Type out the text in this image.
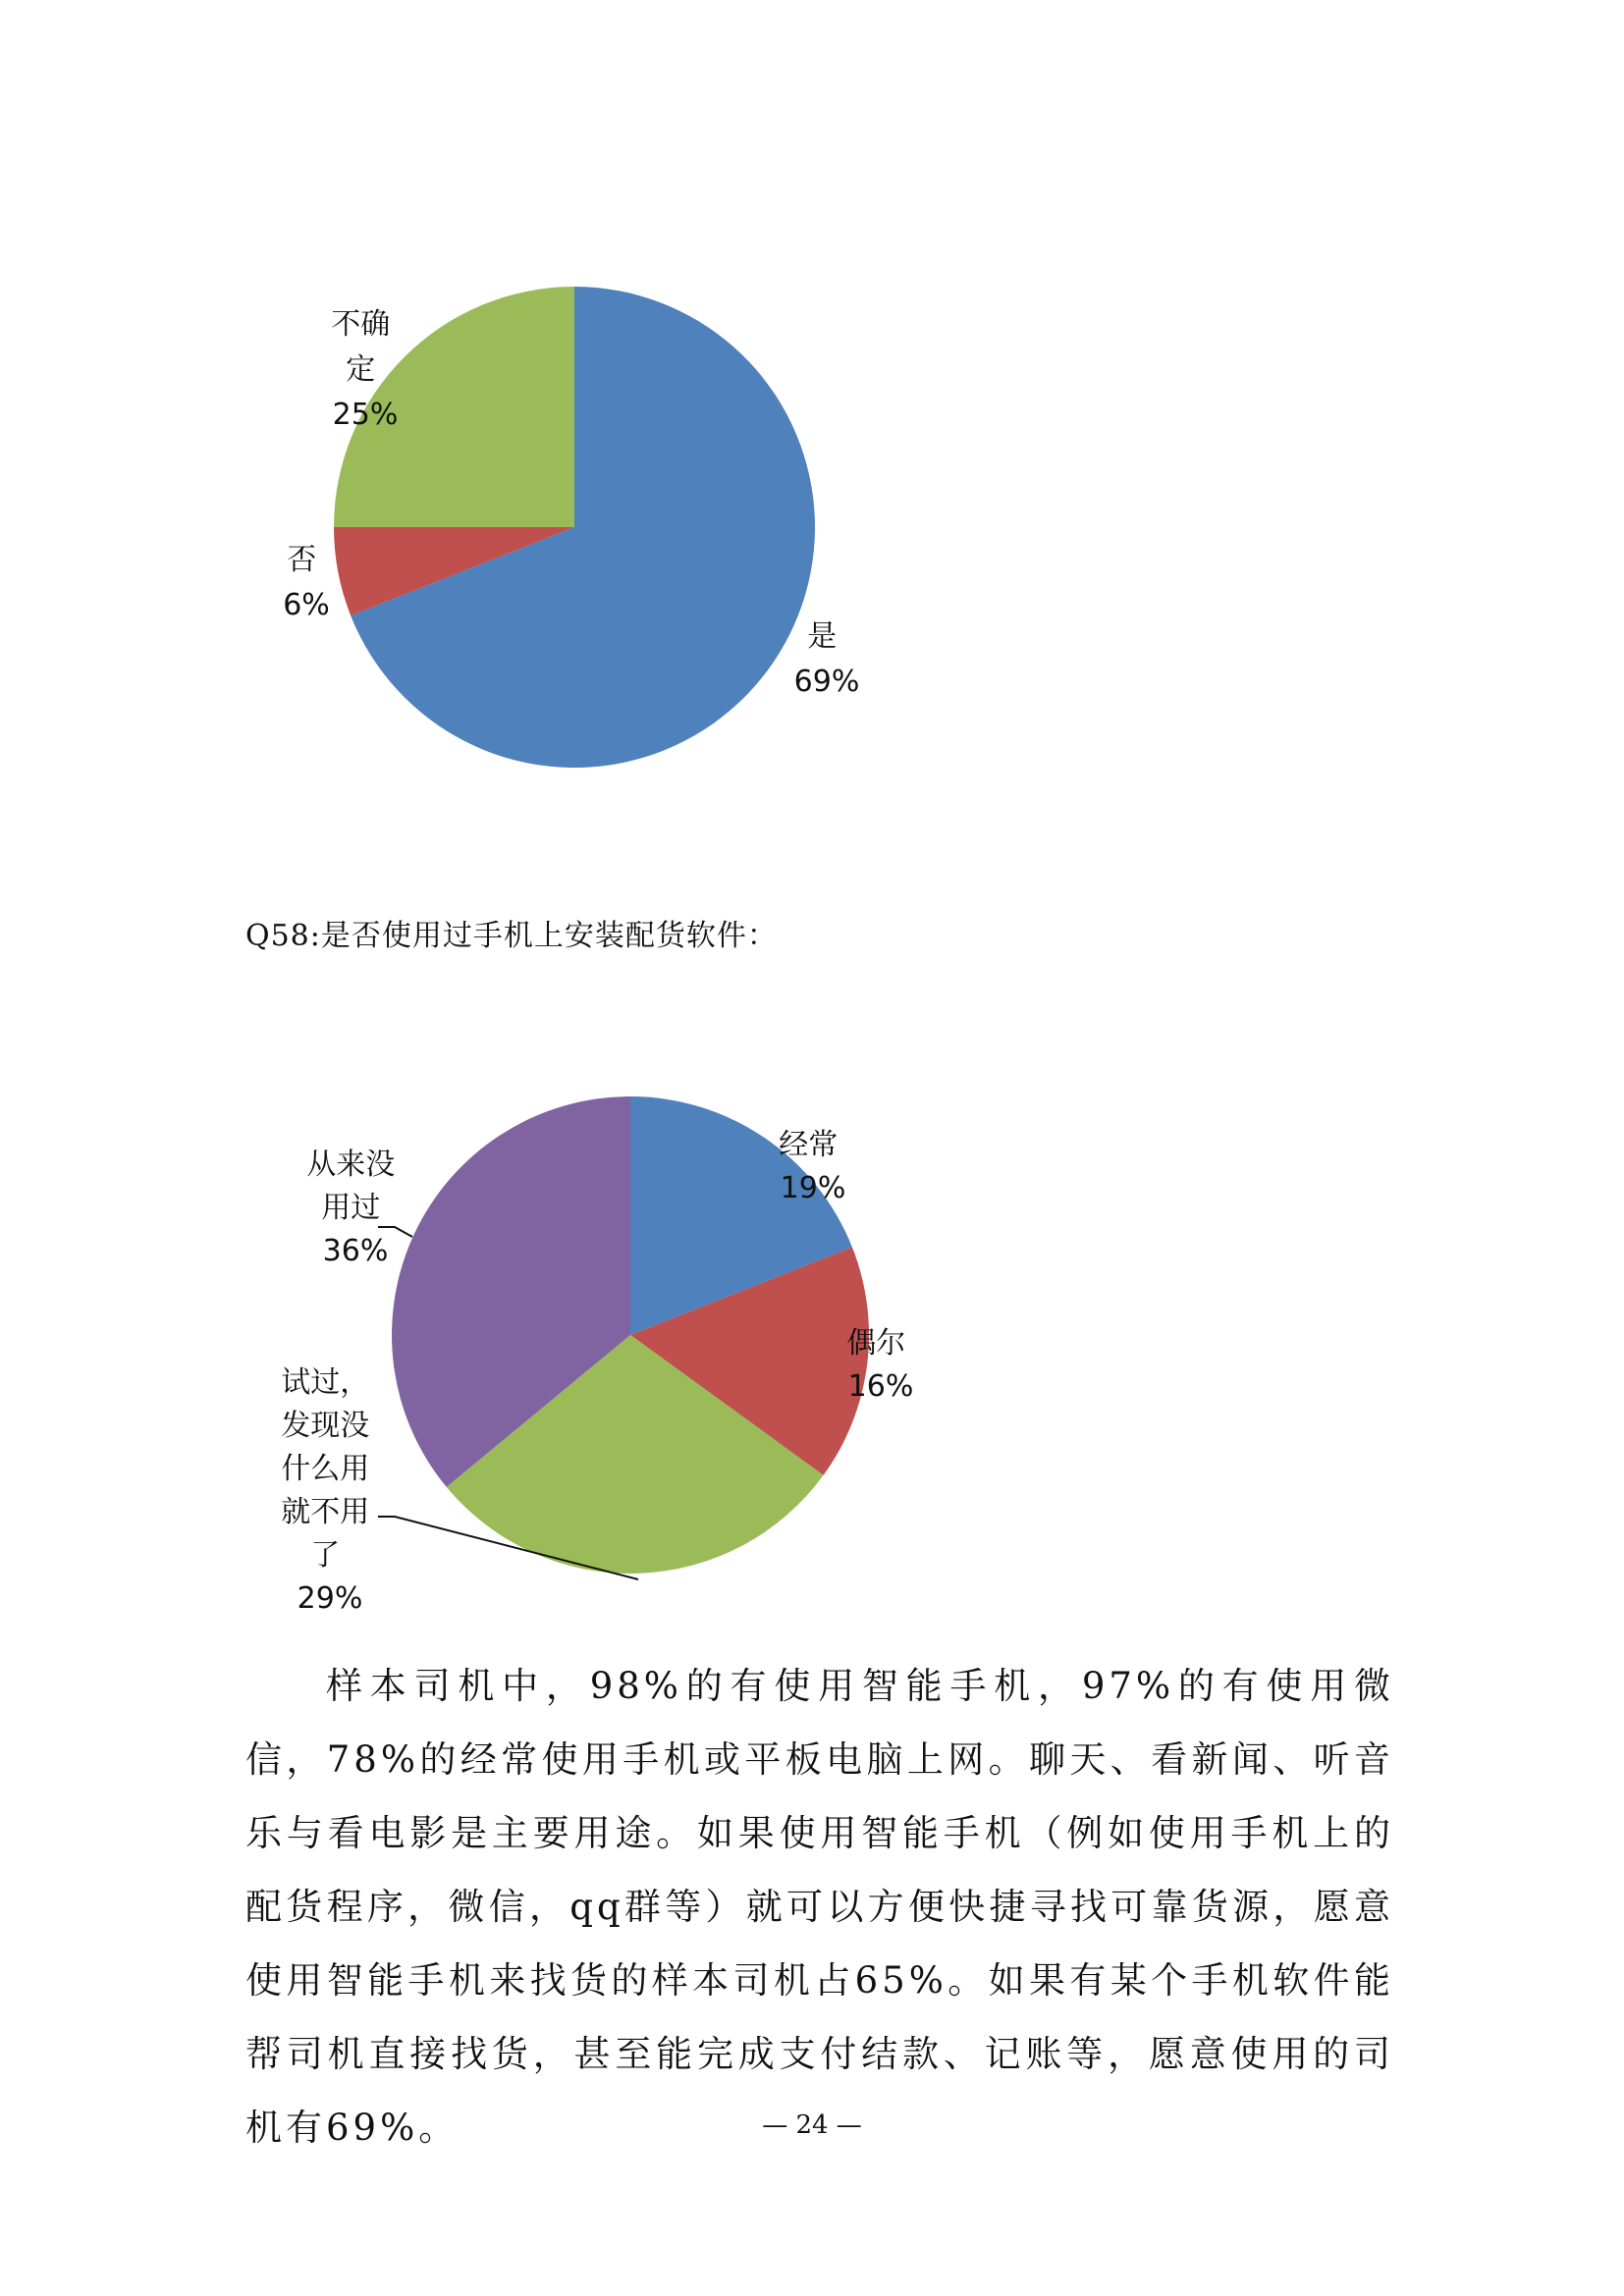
是 69%
否 6%
不确 定 25%
经常 19%
偶尔 16%
从来没 用过 36%
试过， 发现没 什么用 就不用 了 29%
Q58:是否使用过手机上安装配货软件：

样本司机中，98%的有使用智能手机，97%的有使用微信，78%的经常使用手机或平板电脑上网。聊天、看新闻、听音乐与看电影是主要用途。如果使用智能手机（例如使用手机上的配货程序，微信，qq群等）就可以方便快捷寻找可靠货源，愿意使用智能手机来找货的样本司机占65%。如果有某个手机软件能帮司机直接找货，甚至能完成支付结款、记账等，愿意使用的司机有69%。	— 24 —
